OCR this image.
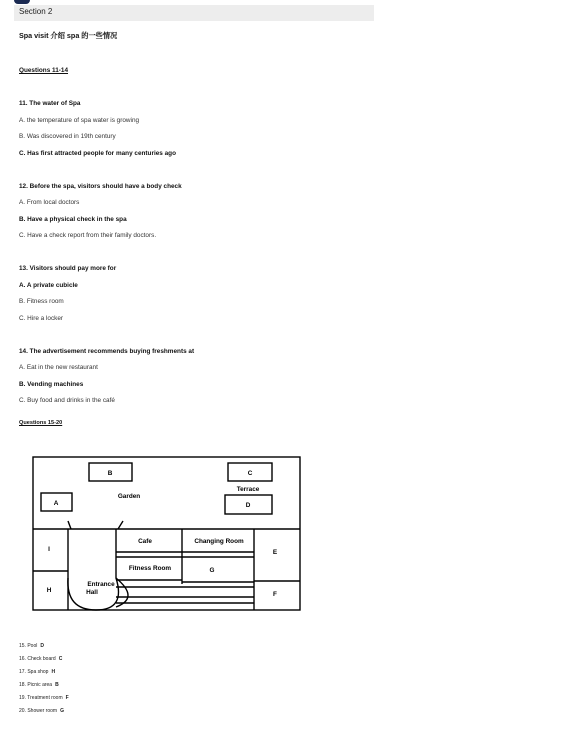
Section 2
Spa visit 介绍 spa 的一些情况
Questions 11-14
11. The water of Spa
A. the temperature of spa water is growing
B. Was discovered in 19th century
C. Has first attracted people for many centuries ago
12. Before the spa, visitors should have a body check
A. From local doctors
B. Have a physical check in the spa
C. Have a check report from their family doctors.
13. Visitors should pay more for
A. A private cubicle
B. Fitness room
C. Hire a locker
14. The advertisement recommends buying freshments at
A. Eat in the new restaurant
B. Vending machines
C. Buy food and drinks in the café
Questions 15-20
B	C
Terrace
Garden
A	D
Cafe	Changing Room
I	E
Fitness Room	G
H
Entrance Hall	F
15. Pool D
16. Check board C
17. Spa shop H
18. Picnic area B
19. Treatment room F
20. Shower room G
